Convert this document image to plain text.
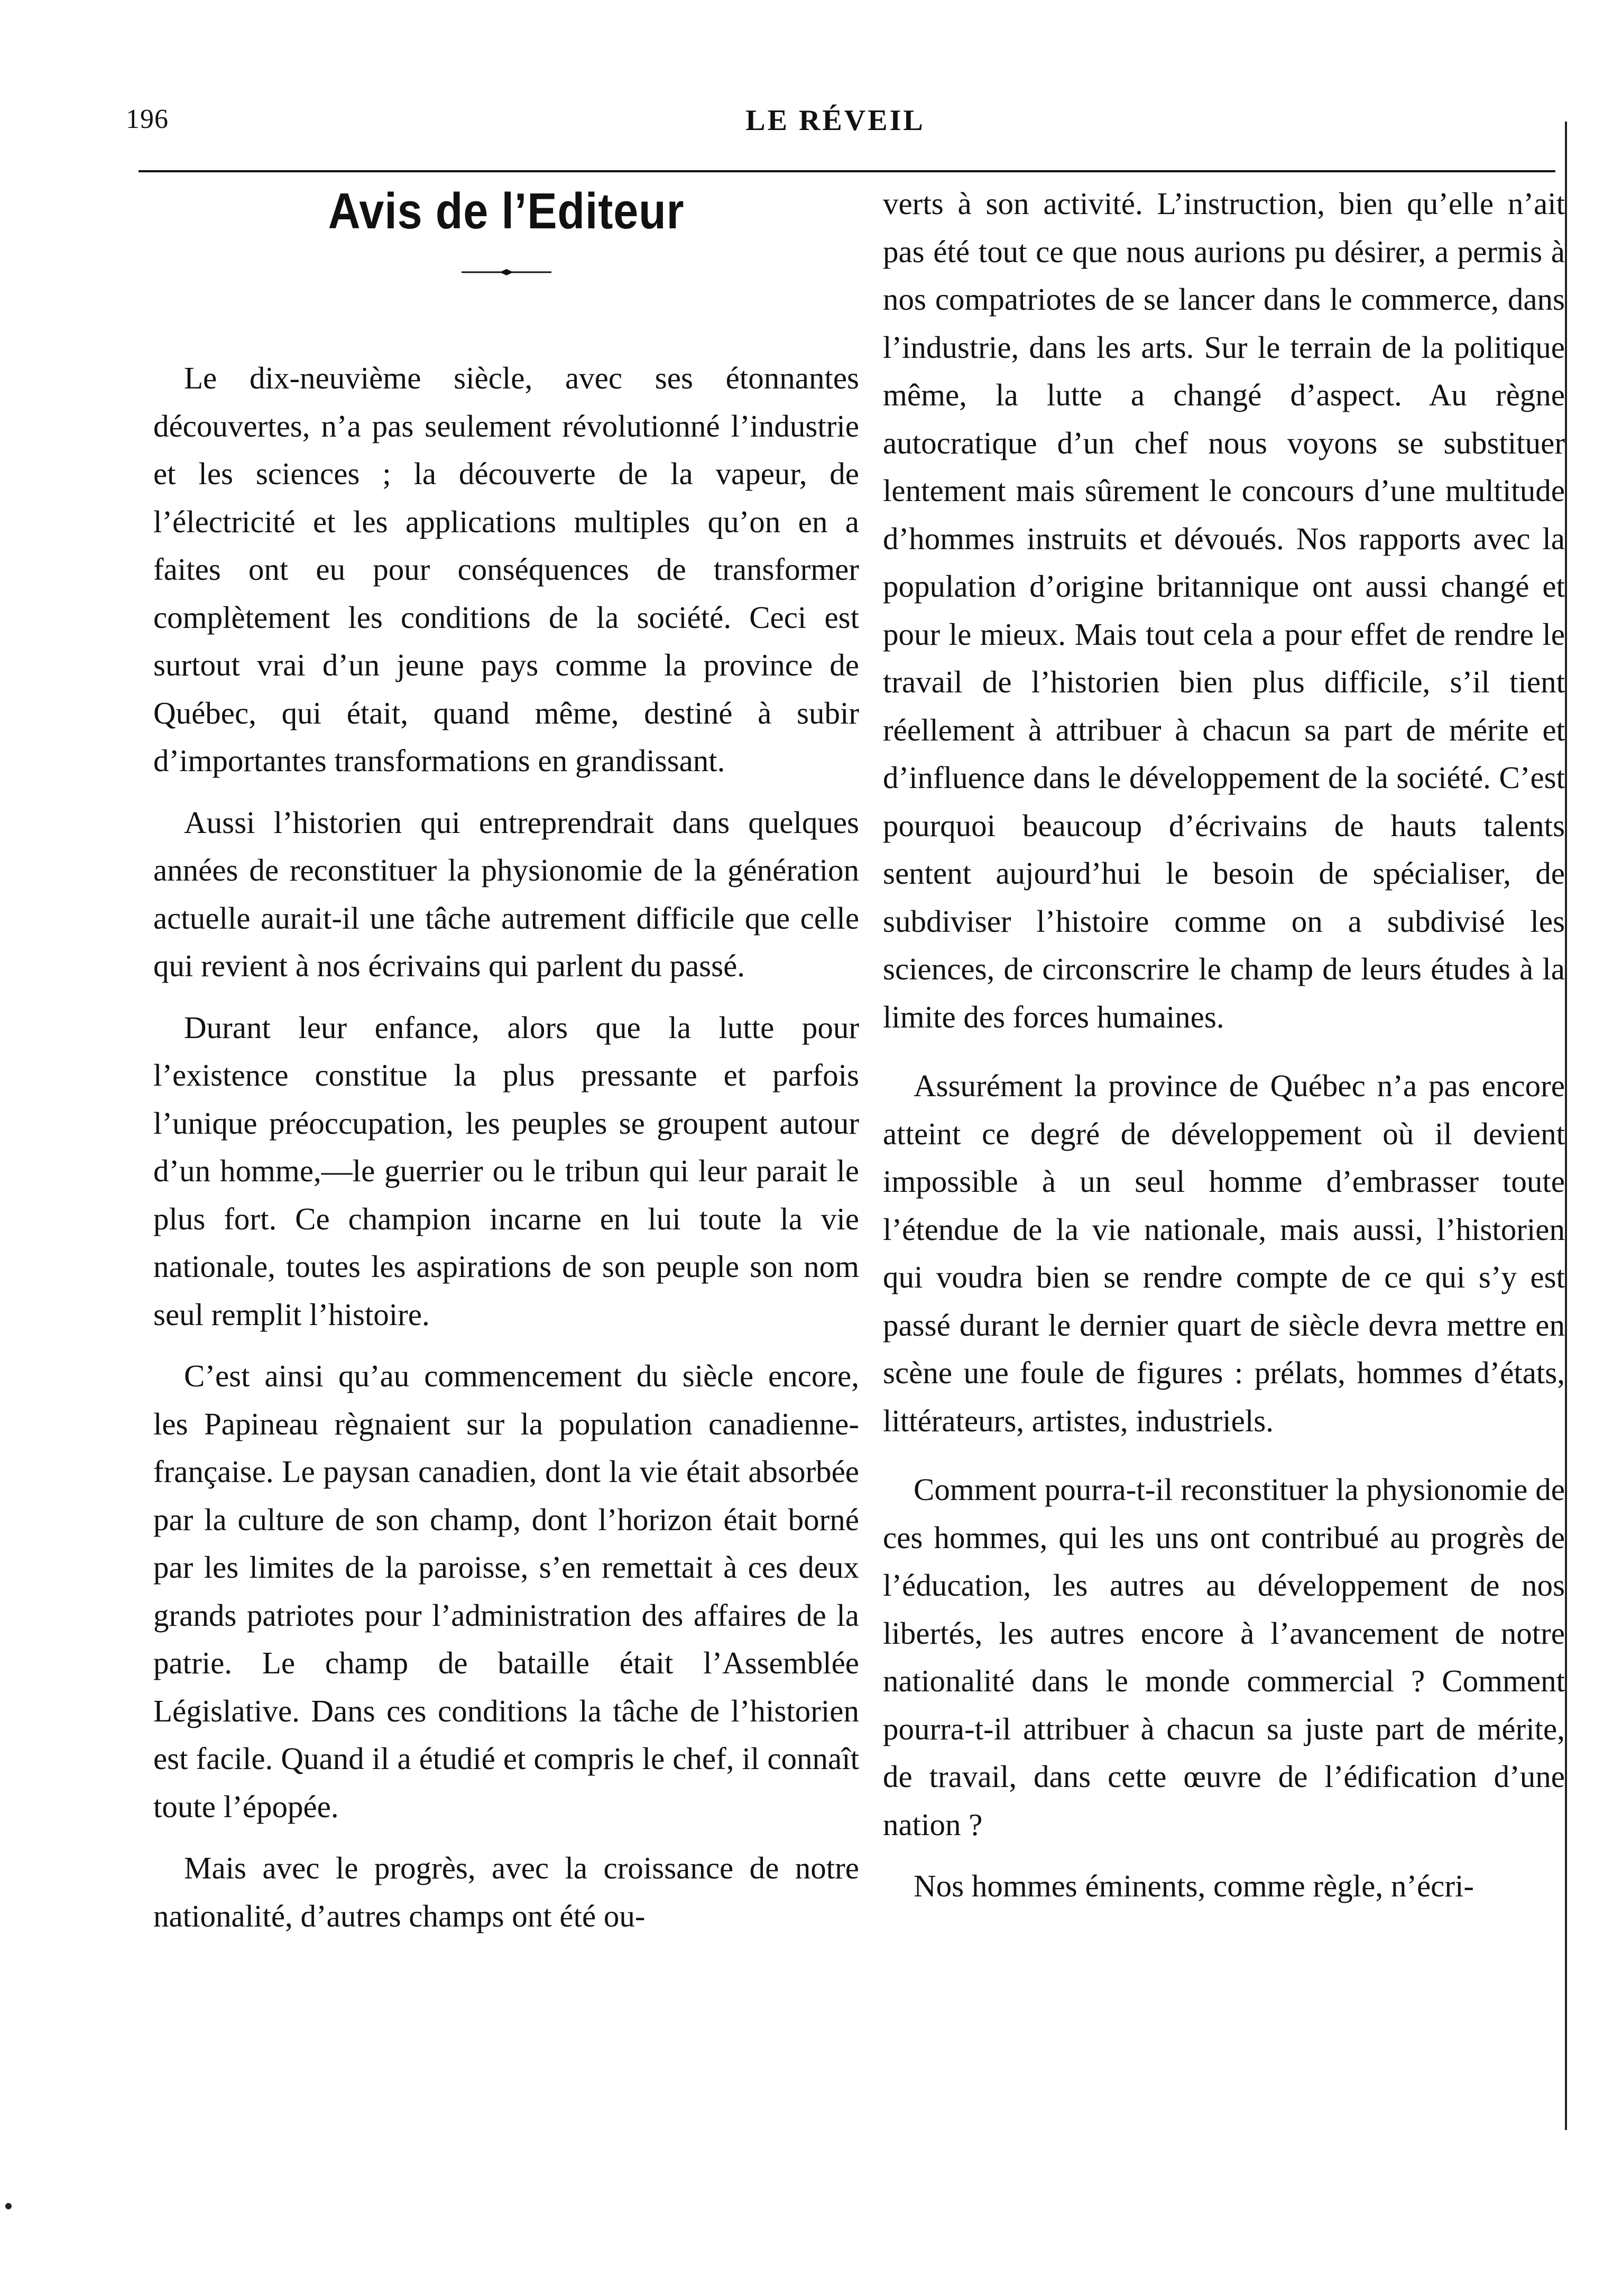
196	LE RÉVEIL
Avis de l’Editeur

Le dix-neuvième siècle, avec ses étonnantes découvertes, n’a pas seulement révolutionné l’industrie et les sciences ; la découverte de la vapeur, de l’électricité et les applications multiples qu’on en a faites ont eu pour conséquences de transformer complètement les conditions de la société. Ceci est surtout vrai d’un jeune pays comme la province de Québec, qui était, quand même, destiné à subir d’importantes transformations en grandissant.

Aussi l’historien qui entreprendrait dans quelques années de reconstituer la physionomie de la génération actuelle aurait-il une tâche autrement difficile que celle qui revient à nos écrivains qui parlent du passé.

Durant leur enfance, alors que la lutte pour l’existence constitue la plus pressante et parfois l’unique préoccupation, les peuples se groupent autour d’un homme,—le guerrier ou le tribun qui leur parait le plus fort. Ce champion incarne en lui toute la vie nationale, toutes les aspirations de son peuple son nom seul remplit l’histoire.

C’est ainsi qu’au commencement du siècle encore, les Papineau règnaient sur la population canadienne-française. Le paysan canadien, dont la vie était absorbée par la culture de son champ, dont l’horizon était borné par les limites de la paroisse, s’en remettait à ces deux grands patriotes pour l’administration des affaires de la patrie. Le champ de bataille était l’Assemblée Législative. Dans ces conditions la tâche de l’historien est facile. Quand il a étudié et compris le chef, il connaît toute l’épopée.

Mais avec le progrès, avec la croissance de notre nationalité, d’autres champs ont été ou-

verts à son activité. L’instruction, bien qu’elle n’ait pas été tout ce que nous aurions pu désirer, a permis à nos compatriotes de se lancer dans le commerce, dans l’industrie, dans les arts. Sur le terrain de la politique même, la lutte a changé d’aspect. Au règne autocratique d’un chef nous voyons se substituer lentement mais sûrement le concours d’une multitude d’hommes instruits et dévoués. Nos rapports avec la population d’origine britannique ont aussi changé et pour le mieux. Mais tout cela a pour effet de rendre le travail de l’historien bien plus difficile, s’il tient réellement à attribuer à chacun sa part de mérite et d’influence dans le développement de la société. C’est pourquoi beaucoup d’écrivains de hauts talents sentent aujourd’hui le besoin de spécialiser, de subdiviser l’histoire comme on a subdivisé les sciences, de circonscrire le champ de leurs études à la limite des forces humaines.

Assurément la province de Québec n’a pas encore atteint ce degré de développement où il devient impossible à un seul homme d’embrasser toute l’étendue de la vie nationale, mais aussi, l’historien qui voudra bien se rendre compte de ce qui s’y est passé durant le dernier quart de siècle devra mettre en scène une foule de figures : prélats, hommes d’états, littérateurs, artistes, industriels.

Comment pourra-t-il reconstituer la physionomie de ces hommes, qui les uns ont contribué au progrès de l’éducation, les autres au développement de nos libertés, les autres encore à l’avancement de notre nationalité dans le monde commercial ? Comment pourra-t-il attribuer à chacun sa juste part de mérite, de travail, dans cette œuvre de l’édification d’une nation ?

Nos hommes éminents, comme règle, n’écri-
